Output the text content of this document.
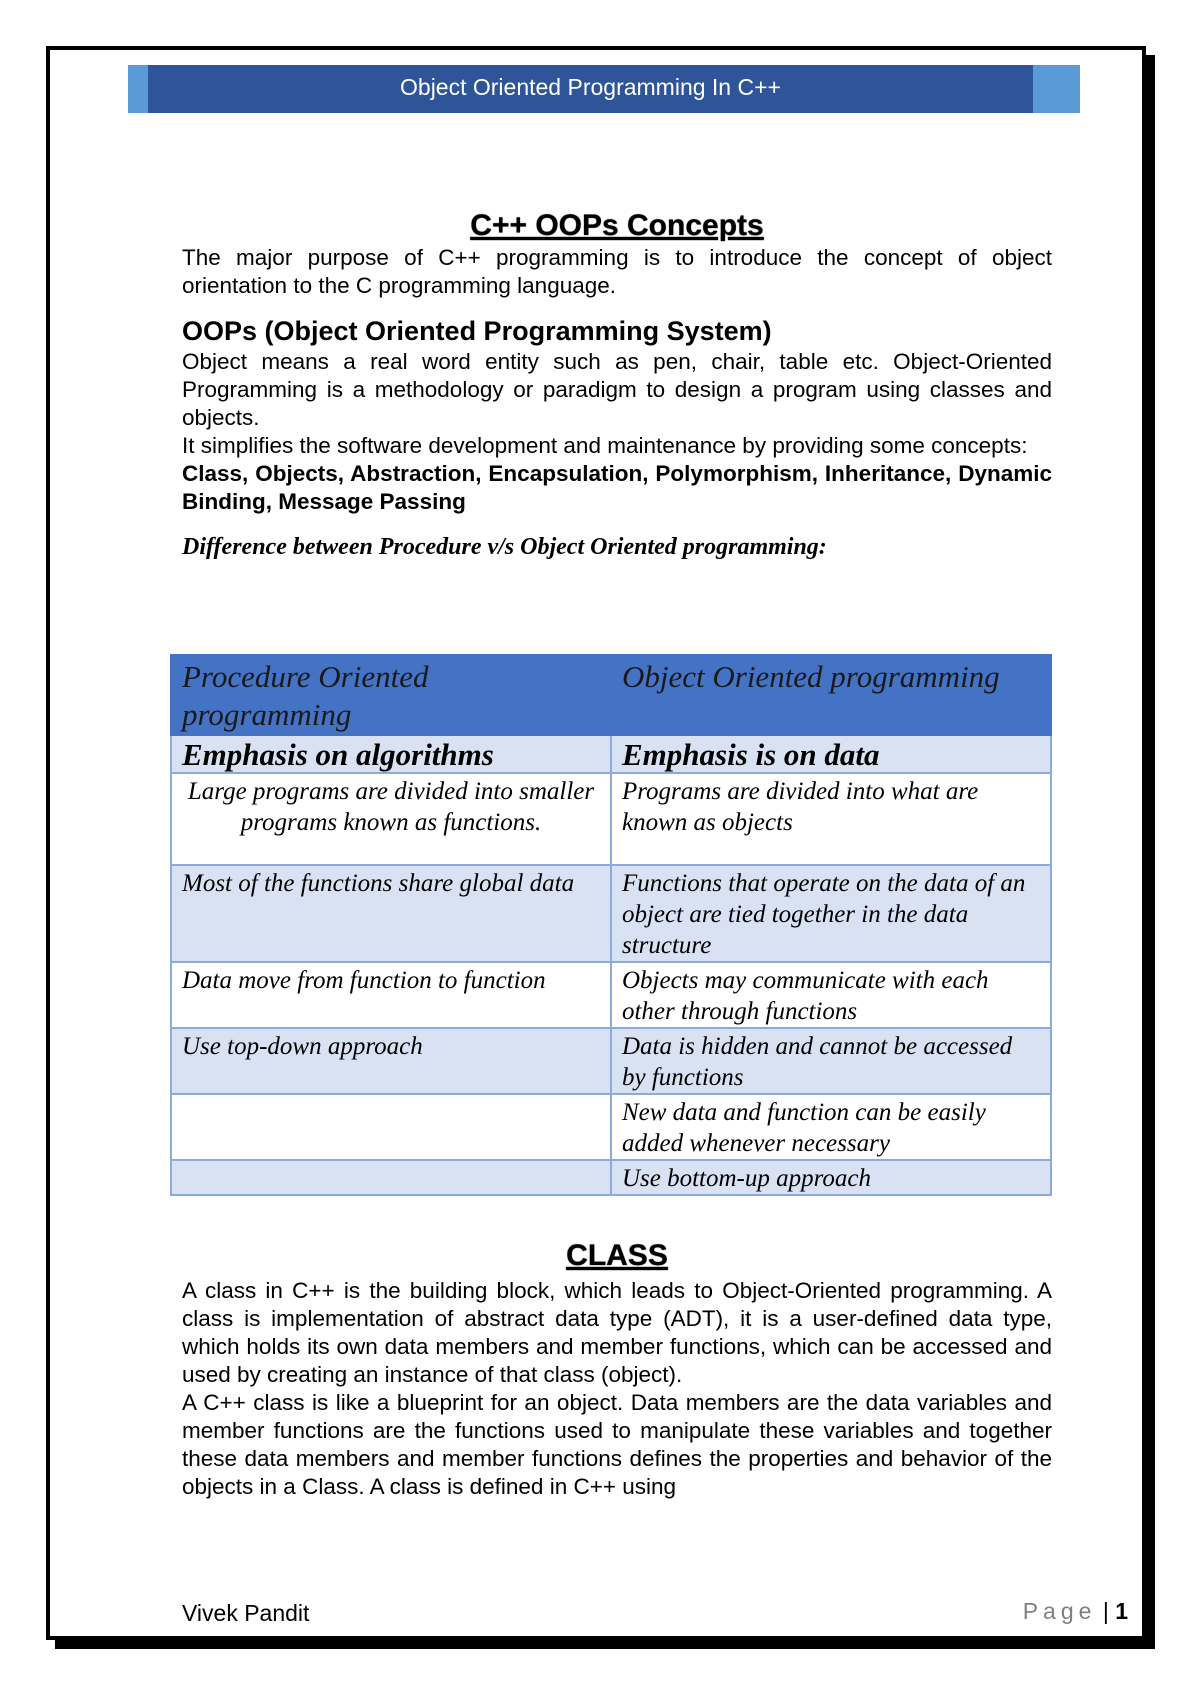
Object Oriented Programming In C++
C++ OOPs Concepts

The major purpose of C++ programming is to introduce the concept of object orientation to the C programming language.

OOPs (Object Oriented Programming System)

Object means a real word entity such as pen, chair, table etc. Object-Oriented Programming is a methodology or paradigm to design a program using classes and objects.

It simplifies the software development and maintenance by providing some concepts:

Class, Objects, Abstraction, Encapsulation, Polymorphism, Inheritance, Dynamic Binding, Message Passing

Difference between Procedure v/s Object Oriented programming:

Procedure Oriented programming	Object Oriented programming
Emphasis on algorithms	Emphasis is on data
Large programs are divided into smaller programs known as functions.	Programs are divided into what are known as objects
Most of the functions share global data	Functions that operate on the data of an object are tied together in the data structure
Data move from function to function	Objects may communicate with each other through functions
Use top-down approach	Data is hidden and cannot be accessed by functions
	New data and function can be easily added whenever necessary
	Use bottom-up approach
CLASS

A class in C++ is the building block, which leads to Object-Oriented programming. A class is implementation of abstract data type (ADT), it is a user-defined data type, which holds its own data members and member functions, which can be accessed and used by creating an instance of that class (object).

A C++ class is like a blueprint for an object. Data members are the data variables and member functions are the functions used to manipulate these variables and together these data members and member functions defines the properties and behavior of the objects in a Class. A class is defined in C++ using

Vivek Pandit	Page | 1
